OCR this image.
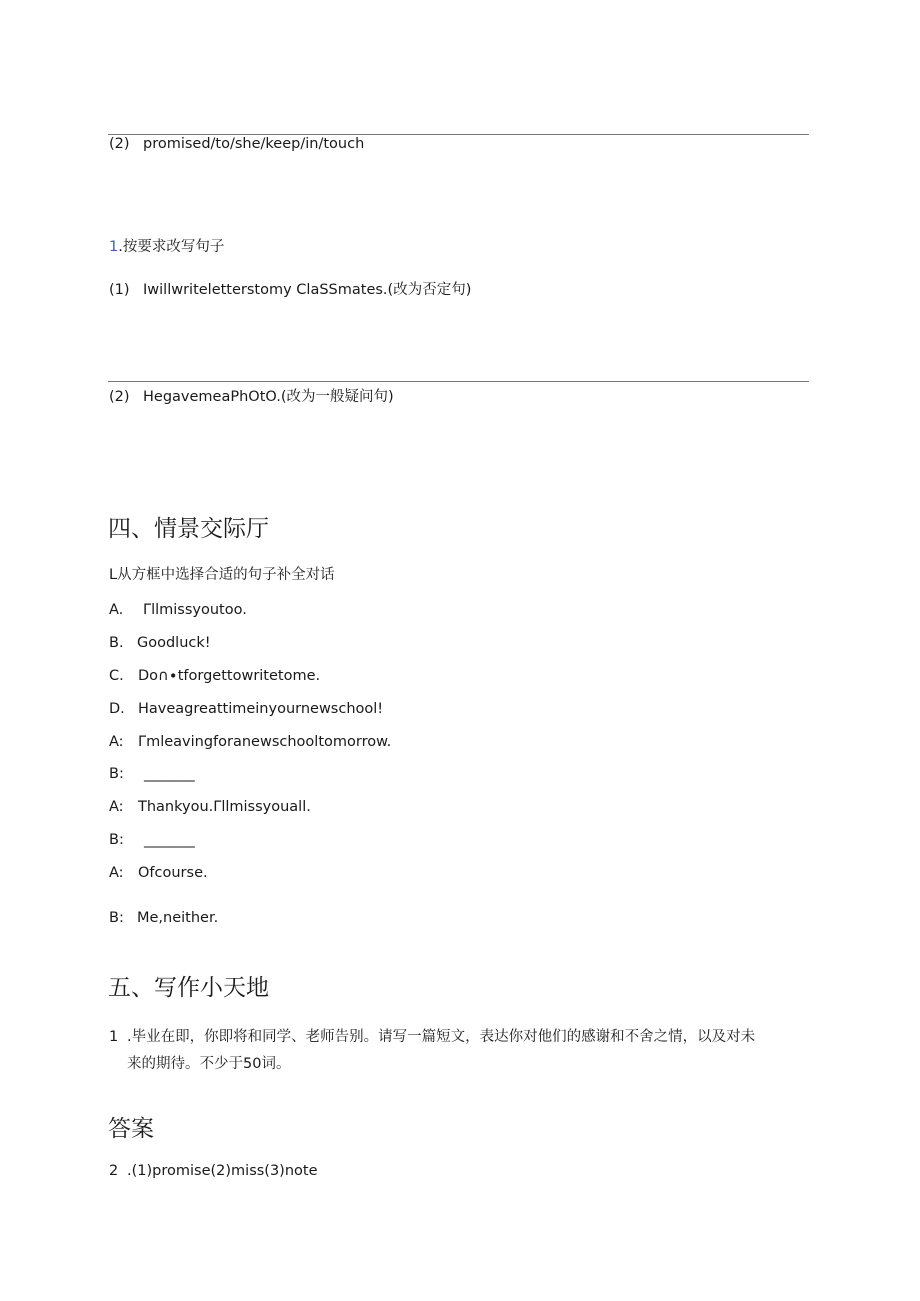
(2) promised/to/she/keep/in/touch
1.按要求改写句子
(1) Iwillwriteletterstomy ClaSSmates.(改为否定句)
(2) HegavemeaPhOtO.(改为一般疑问句)
四、情景交际厅
L从方框中选择合适的句子补全对话
A. Γllmissyoutoo.
B. Goodluck!
C. Do∩∙tforgettowritetome.
D. Haveagreattimeinyournewschool!
A: Γmleavingforanewschooltomorrow.
B: _______
A: Thankyou.Γllmissyouall.
B: _______
A: Ofcourse.
B: Me,neither.
五、写作小天地
1 .毕业在即，你即将和同学、老师告别。请写一篇短文，表达你对他们的感谢和不舍之情，以及对未
来的期待。不少于50词。
答案
2 .(1)promise(2)miss(3)note
